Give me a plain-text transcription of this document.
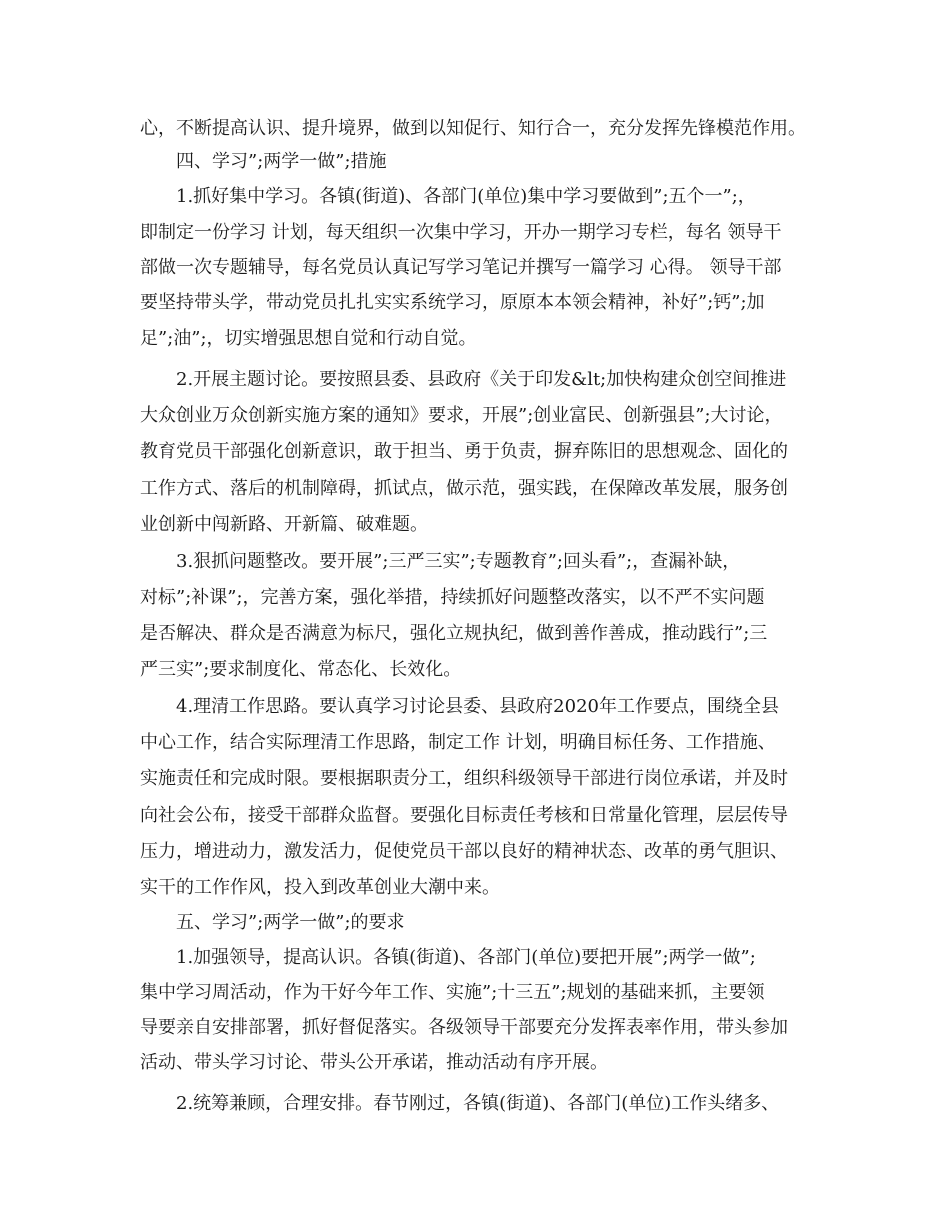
心，不断提高认识、提升境界，做到以知促行、知行合一，充分发挥先锋模范作用。
四、学习”;两学一做”;措施
1.抓好集中学习。各镇(街道)、各部门(单位)集中学习要做到”;五个一”;，
即制定一份学习 计划，每天组织一次集中学习，开办一期学习专栏，每名 领导干
部做一次专题辅导，每名党员认真记写学习笔记并撰写一篇学习 心得。 领导干部
要坚持带头学，带动党员扎扎实实系统学习，原原本本领会精神，补好”;钙”;加
足”;油”;，切实增强思想自觉和行动自觉。
2.开展主题讨论。要按照县委、县政府《关于印发&lt;加快构建众创空间推进
大众创业万众创新实施方案的通知》要求，开展”;创业富民、创新强县”;大讨论，
教育党员干部强化创新意识，敢于担当、勇于负责，摒弃陈旧的思想观念、固化的
工作方式、落后的机制障碍，抓试点，做示范，强实践，在保障改革发展，服务创
业创新中闯新路、开新篇、破难题。
3.狠抓问题整改。要开展”;三严三实”;专题教育”;回头看”;，查漏补缺，
对标”;补课”;，完善方案，强化举措，持续抓好问题整改落实，以不严不实问题
是否解决、群众是否满意为标尺，强化立规执纪，做到善作善成，推动践行”;三
严三实”;要求制度化、常态化、长效化。
4.理清工作思路。要认真学习讨论县委、县政府2020年工作要点，围绕全县
中心工作，结合实际理清工作思路，制定工作 计划，明确目标任务、工作措施、
实施责任和完成时限。要根据职责分工，组织科级领导干部进行岗位承诺，并及时
向社会公布，接受干部群众监督。要强化目标责任考核和日常量化管理，层层传导
压力，增进动力，激发活力，促使党员干部以良好的精神状态、改革的勇气胆识、
实干的工作作风，投入到改革创业大潮中来。
五、学习”;两学一做”;的要求
1.加强领导，提高认识。各镇(街道)、各部门(单位)要把开展”;两学一做”;
集中学习周活动，作为干好今年工作、实施”;十三五”;规划的基础来抓，主要领
导要亲自安排部署，抓好督促落实。各级领导干部要充分发挥表率作用，带头参加
活动、带头学习讨论、带头公开承诺，推动活动有序开展。
2.统筹兼顾，合理安排。春节刚过，各镇(街道)、各部门(单位)工作头绪多、
